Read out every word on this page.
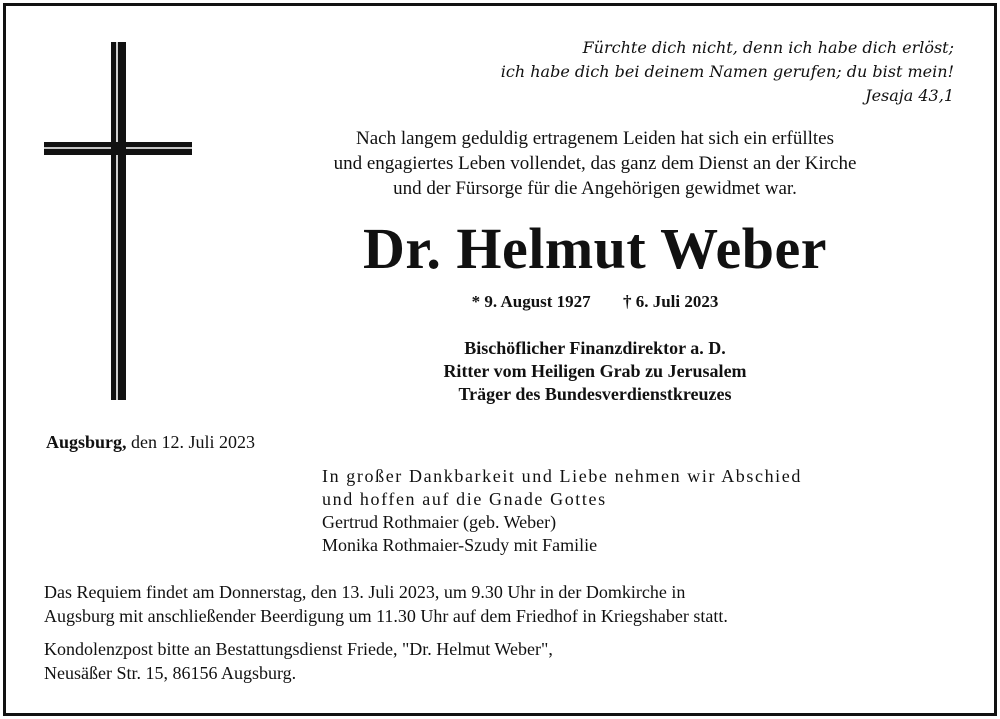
Fürchte dich nicht, denn ich habe dich erlöst;
ich habe dich bei deinem Namen gerufen; du bist mein!
Jesaja 43,1
Nach langem geduldig ertragenem Leiden hat sich ein erfülltes
und engagiertes Leben vollendet, das ganz dem Dienst an der Kirche
und der Fürsorge für die Angehörigen gewidmet war.
Dr. Helmut Weber
* 9. August 1927 † 6. Juli 2023
Bischöflicher Finanzdirektor a. D.
Ritter vom Heiligen Grab zu Jerusalem
Träger des Bundesverdienstkreuzes
Augsburg, den 12. Juli 2023
In großer Dankbarkeit und Liebe nehmen wir Abschied
und hoffen auf die Gnade Gottes
Gertrud Rothmaier (geb. Weber)
Monika Rothmaier-Szudy mit Familie
Das Requiem findet am Donnerstag, den 13. Juli 2023, um 9.30 Uhr in der Domkirche in
Augsburg mit anschließender Beerdigung um 11.30 Uhr auf dem Friedhof in Kriegshaber statt.
Kondolenzpost bitte an Bestattungsdienst Friede, "Dr. Helmut Weber",
Neusäßer Str. 15, 86156 Augsburg.
